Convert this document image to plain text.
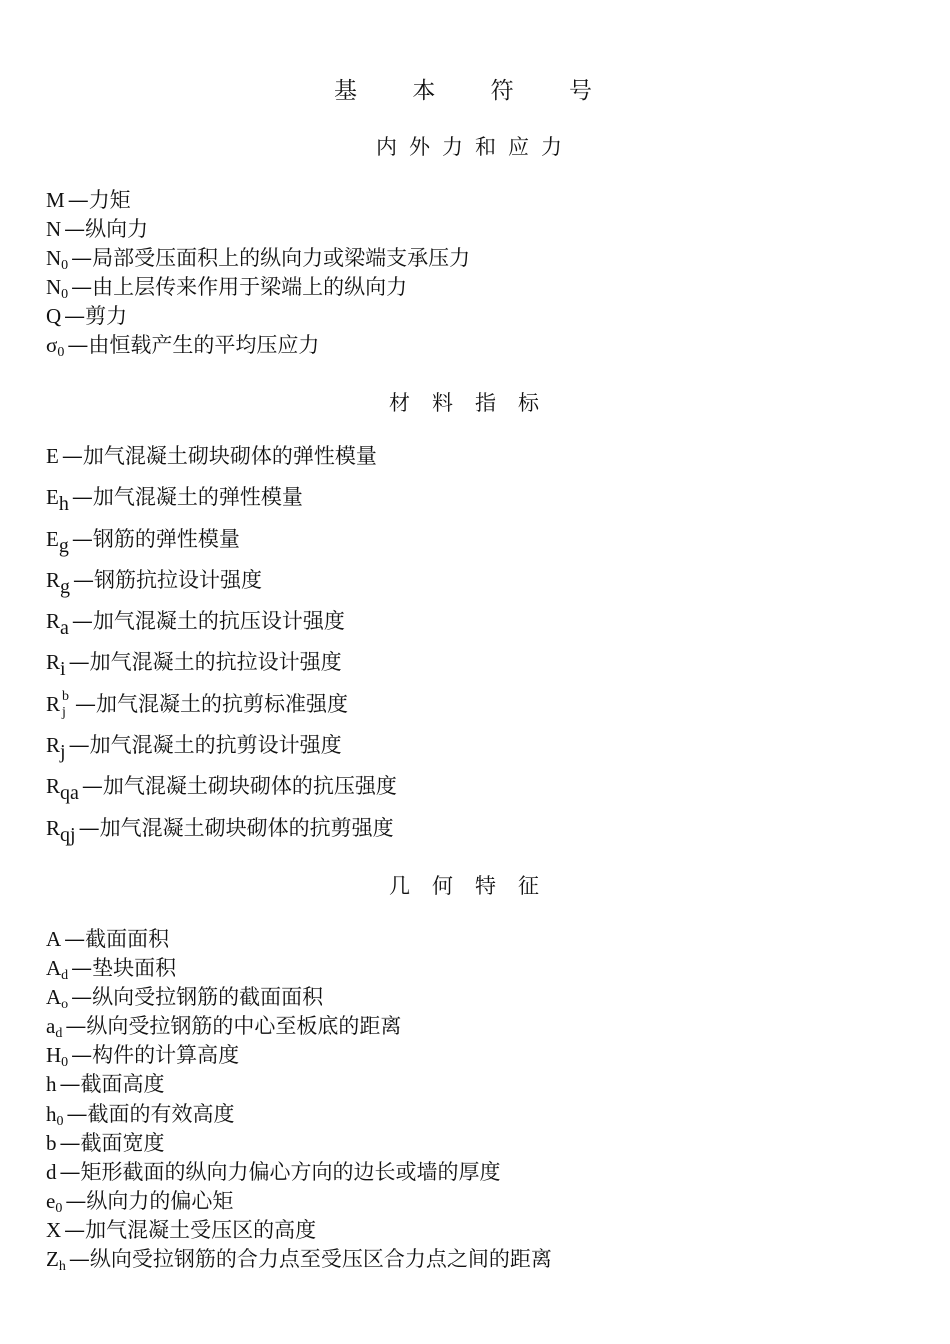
基 本 符 号
内外力和应力
M —力矩
N —纵向力
$N_0$ —局部受压面积上的纵向力或梁端支承压力
$N_0$ —由上层传来作用于梁端上的纵向力
Q —剪力
$\sigma_0$ —由恒载产生的平均压应力
材料指标
E —加气混凝土砌块砌体的弹性模量
Eh —加气混凝土的弹性模量
Eg —钢筋的弹性模量
Rg —钢筋抗拉设计强度
Ra —加气混凝土的抗压设计强度
Ri —加气混凝土的抗拉设计强度
R b
j —加气混凝土的抗剪标准强度
Rj —加气混凝土的抗剪设计强度
Rqa —加气混凝土砌块砌体的抗压强度
Rqj —加气混凝土砌块砌体的抗剪强度
几何特征
A —截面面积
$A_d$ —垫块面积
$A_o$ —纵向受拉钢筋的截面面积
$a_d$ —纵向受拉钢筋的中心至板底的距离
$H_0$ —构件的计算高度
h —截面高度
$h_0$ —截面的有效高度
b —截面宽度
d —矩形截面的纵向力偏心方向的边长或墙的厚度
$e_0$ —纵向力的偏心矩
X —加气混凝土受压区的高度
$Z_h$ —纵向受拉钢筋的合力点至受压区合力点之间的距离
